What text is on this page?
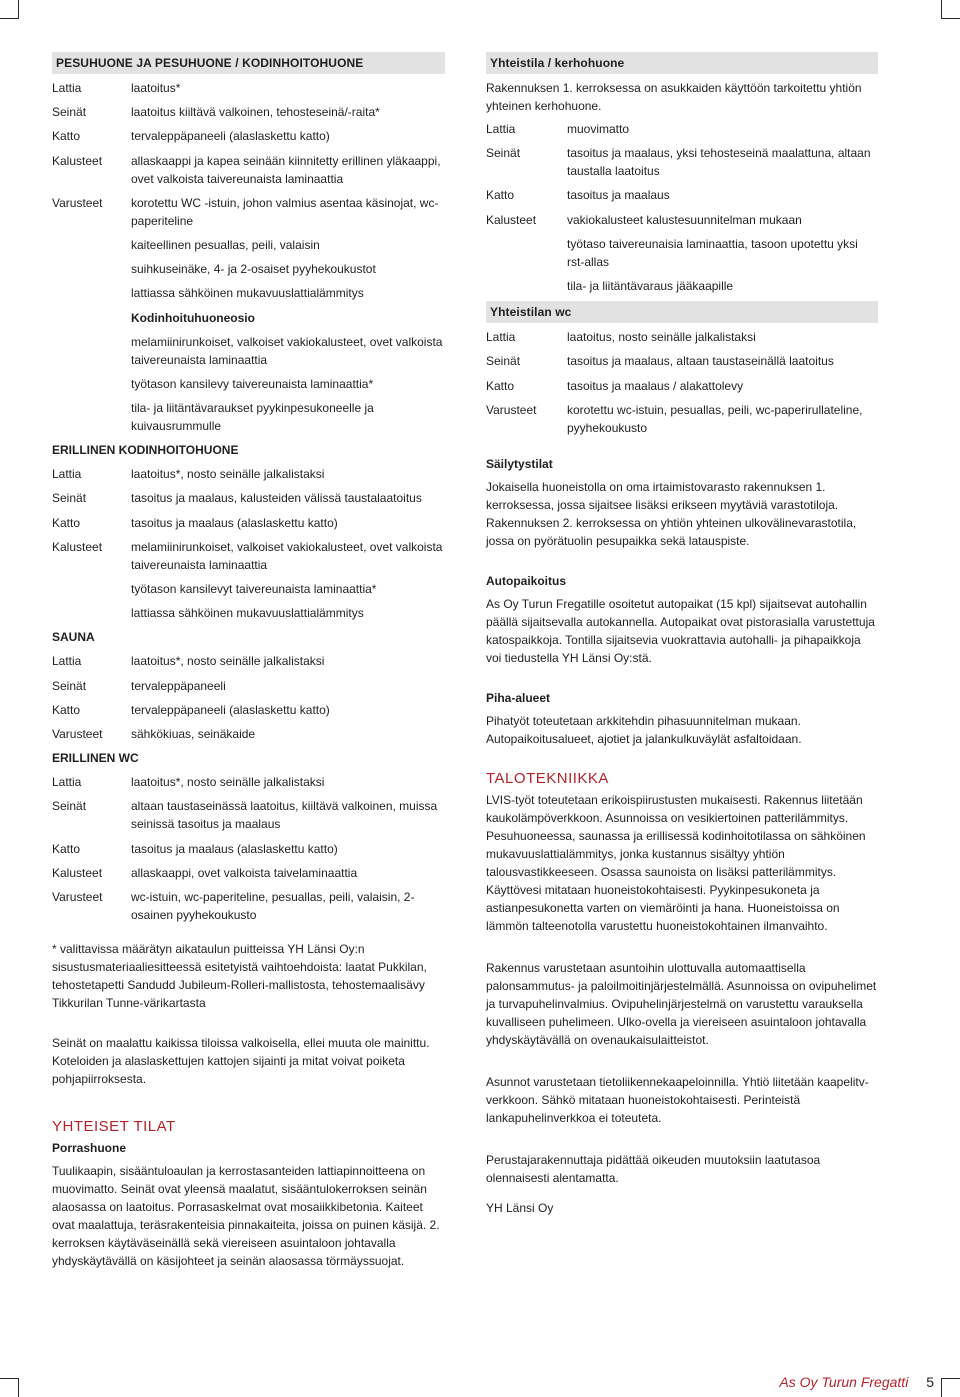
PESUHUONE JA PESUHUONE / KODINHOITOHUONE
Lattia	laatoitus*
Seinät	laatoitus kiiltävä valkoinen, tehosteseinä/-raita*
Katto	tervaleppäpaneeli (alaslaskettu katto)
Kalusteet	allaskaappi ja kapea seinään kiinnitetty erillinen yläkaappi, ovet valkoista taivereunaista laminaattia
Varusteet	korotettu WC -istuin, johon valmius asentaa käsinojat, wc-paperiteline
kaiteellinen pesuallas, peili, valaisin
suihkuseinäke, 4- ja 2-osaiset pyyhekoukustot
lattiassa sähköinen mukavuuslattialämmitys
Kodinhoituhuoneosio
melamiinirunkoiset, valkoiset vakiokalusteet, ovet valkoista taivereunaista laminaattia
työtason kansilevy taivereunaista laminaattia*
tila- ja liitäntävaraukset pyykinpesukoneelle ja kuivausrummulle
ERILLINEN KODINHOITOHUONE
Lattia	laatoitus*, nosto seinälle jalkalistaksi
Seinät	tasoitus ja maalaus, kalusteiden välissä taustalaatoitus
Katto	tasoitus ja maalaus (alaslaskettu katto)
Kalusteet	melamiinirunkoiset, valkoiset vakiokalusteet, ovet valkoista taivereunaista laminaattia
työtason kansilevyt taivereunaista laminaattia*
lattiassa sähköinen mukavuuslattialämmitys
SAUNA
Lattia	laatoitus*, nosto seinälle jalkalistaksi
Seinät	tervaleppäpaneeli
Katto	tervaleppäpaneeli (alaslaskettu katto)
Varusteet	sähkökiuas, seinäkaide
ERILLINEN WC
Lattia	laatoitus*, nosto seinälle jalkalistaksi
Seinät	altaan taustaseinässä laatoitus, kiiltävä valkoinen, muissa seinissä tasoitus ja maalaus
Katto	tasoitus ja maalaus (alaslaskettu katto)
Kalusteet	allaskaappi, ovet valkoista taivelaminaattia
Varusteet	wc-istuin, wc-paperiteline, pesuallas, peili, valaisin, 2-osainen pyyhekoukusto

* valittavissa määrätyn aikataulun puitteissa YH Länsi Oy:n sisustusmateriaaliesitteessä esitetyistä vaihtoehdoista: laatat Pukkilan, tehostetapetti Sandudd Jubileum-Rolleri-mallistosta, tehostemaalisävy Tikkurilan Tunne-värikartasta

Seinät on maalattu kaikissa tiloissa valkoisella, ellei muuta ole mainittu. Koteloiden ja alaslaskettujen kattojen sijainti ja mitat voivat poiketa pohjapiirroksesta.

YHTEISET TILAT
Porrashuone

Tuulikaapin, sisääntuloaulan ja kerrostasanteiden lattiapinnoitteena on muovimatto. Seinät ovat yleensä maalatut, sisääntulokerroksen seinän alaosassa on laatoitus. Porrasaskelmat ovat mosaiikkibetonia. Kaiteet ovat maalattuja, teräsrakenteisia pinnakaiteita, joissa on puinen käsijä. 2. kerroksen käytäväseinällä sekä viereiseen asuintaloon johtavalla yhdyskäytävällä on käsijohteet ja seinän alaosassa törmäyssuojat.

Yhteistila / kerhohuone

Rakennuksen 1. kerroksessa on asukkaiden käyttöön tarkoitettu yhtiön yhteinen kerhohuone.

Lattia	muovimatto
Seinät	tasoitus ja maalaus, yksi tehosteseinä maalattuna, altaan taustalla laatoitus
Katto	tasoitus ja maalaus
Kalusteet	vakiokalusteet kalustesuunnitelman mukaan
työtaso taivereunaisia laminaattia, tasoon upotettu yksi rst-allas
tila- ja liitäntävaraus jääkaapille
Yhteistilan wc
Lattia	laatoitus, nosto seinälle jalkalistaksi
Seinät	tasoitus ja maalaus, altaan taustaseinällä laatoitus
Katto	tasoitus ja maalaus / alakattolevy
Varusteet	korotettu wc-istuin, pesuallas, peili, wc-paperirullateline, pyyhekoukusto
Säilytystilat

Jokaisella huoneistolla on oma irtaimistovarasto rakennuksen 1. kerroksessa, jossa sijaitsee lisäksi erikseen myytäviä varastotiloja. Rakennuksen 2. kerroksessa on yhtiön yhteinen ulkovälinevarastotila, jossa on pyörätuolin pesupaikka sekä latauspiste.

Autopaikoitus

As Oy Turun Fregatille osoitetut autopaikat (15 kpl) sijaitsevat autohallin päällä sijaitsevalla autokannella. Autopaikat ovat pistorasialla varustettuja katospaikkoja. Tontilla sijaitsevia vuokrattavia autohalli- ja pihapaikkoja voi tiedustella YH Länsi Oy:stä.

Piha-alueet

Pihatyöt toteutetaan arkkitehdin pihasuunnitelman mukaan. Autopaikoitusalueet, ajotiet ja jalankulkuväylät asfaltoidaan.

TALOTEKNIIKKA

LVIS-työt toteutetaan erikoispiirustusten mukaisesti. Rakennus liitetään kaukolämpöverkkoon. Asunnoissa on vesikiertoinen patterilämmitys. Pesuhuoneessa, saunassa ja erillisessä kodinhoitotilassa on sähköinen mukavuuslattialämmitys, jonka kustannus sisältyy yhtiön talousvastikkeeseen. Osassa saunoista on lisäksi patterilämmitys. Käyttövesi mitataan huoneistokohtaisesti. Pyykinpesukoneta ja astianpesukonetta varten on viemäröinti ja hana. Huoneistoissa on lämmön talteenotolla varustettu huoneistokohtainen ilmanvaihto.

Rakennus varustetaan asuntoihin ulottuvalla automaattisella palonsammutus- ja paloilmoitinjärjestelmällä. Asunnoissa on ovipuhelimet ja turvapuhelinvalmius. Ovipuhelinjärjestelmä on varustettu varauksella kuvalliseen puhelimeen. Ulko-ovella ja viereiseen asuintaloon johtavalla yhdyskäytävällä on ovenaukaisulaitteistot.

Asunnot varustetaan tietoliikennekaapeloinnilla. Yhtiö liitetään kaapelitv-verkkoon. Sähkö mitataan huoneistokohtaisesti. Perinteistä lankapuhelinverkkoa ei toteuteta.

Perustajarakennuttaja pidättää oikeuden muutoksiin laatutasoa olennaisesti alentamatta.

YH Länsi Oy

As Oy Turun Fregatti 5
